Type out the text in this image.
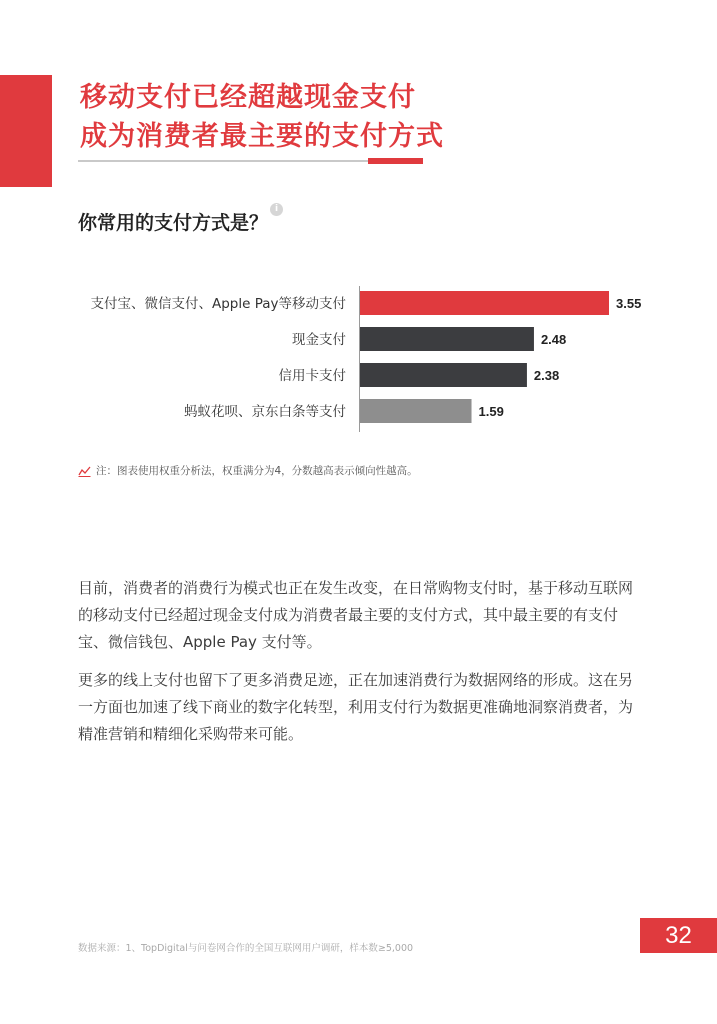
移动支付已经超越现金支付
成为消费者最主要的支付方式
你常用的支付方式是？
i
支付宝、微信支付、Apple Pay等移动支付	3.55
现金支付	2.48
信用卡支付	2.38
蚂蚁花呗、京东白条等支付	1.59
注：图表使用权重分析法，权重满分为4，分数越高表示倾向性越高。
目前，消费者的消费行为模式也正在发生改变，在日常购物支付时，基于移动互联网的移动支付已经超过现金支付成为消费者最主要的支付方式，其中最主要的有支付宝、微信钱包、Apple Pay 支付等。
更多的线上支付也留下了更多消费足迹，正在加速消费行为数据网络的形成。这在另一方面也加速了线下商业的数字化转型，利用支付行为数据更准确地洞察消费者，为精准营销和精细化采购带来可能。
数据来源：1、TopDigital与问卷网合作的全国互联网用户调研，样本数≥5,000	32
